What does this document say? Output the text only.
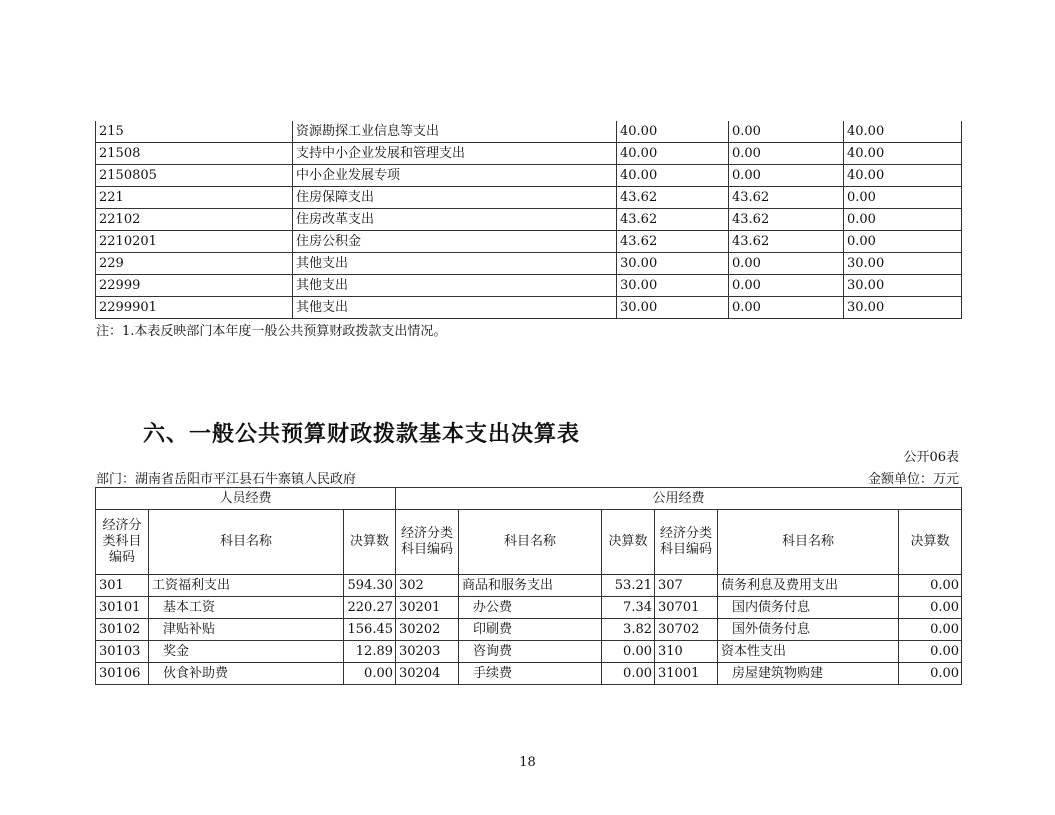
215	资源勘探工业信息等支出	40.00	0.00	40.00
21508	支持中小企业发展和管理支出	40.00	0.00	40.00
2150805	中小企业发展专项	40.00	0.00	40.00
221	住房保障支出	43.62	43.62	0.00
22102	住房改革支出	43.62	43.62	0.00
2210201	住房公积金	43.62	43.62	0.00
229	其他支出	30.00	0.00	30.00
22999	其他支出	30.00	0.00	30.00
2299901	其他支出	30.00	0.00	30.00
注：1.本表反映部门本年度一般公共预算财政拨款支出情况。
六、一般公共预算财政拨款基本支出决算表
公开06表
部门：湖南省岳阳市平江县石牛寨镇人民政府	金额单位：万元
人员经费			公用经费					
经济分类科目编码	科目名称	决算数	经济分类科目编码	科目名称	决算数	经济分类科目编码	科目名称	决算数
301	工资福利支出	594.30	302	商品和服务支出	53.21	307	债务利息及费用支出	0.00
30101	基本工资	220.27	30201	办公费	7.34	30701	国内债务付息	0.00
30102	津贴补贴	156.45	30202	印刷费	3.82	30702	国外债务付息	0.00
30103	奖金	12.89	30203	咨询费	0.00	310	资本性支出	0.00
30106	伙食补助费	0.00	30204	手续费	0.00	31001	房屋建筑物购建	0.00
18
